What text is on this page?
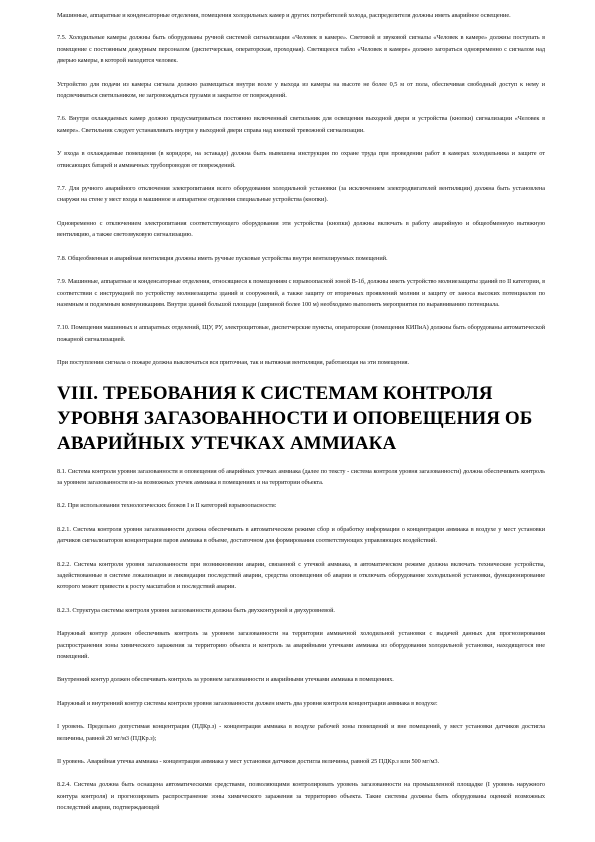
Машинные, аппаратные и конденсаторные отделения, помещения холодильных камер и других потребителей холода, распределителя должны иметь аварийное освещение.

7.5. Холодильные камеры должны быть оборудованы ручной системой сигнализации «Человек в камере». Световой и звуковой сигналы «Человек в камере» должны поступать в помещение с постоянным дежурным персоналом (диспетчерская, операторская, проходная). Светящееся табло «Человек в камере» должно загораться одновременно с сигналом над дверью камеры, в которой находится человек.

Устройство для подачи из камеры сигнала должно размещаться внутри возле у выхода из камеры на высоте не более 0,5 м от пола, обеспечивая свободный доступ к нему и подсвечиваться светильником, не загромождаться грузами и закрытое от повреждений.

7.6. Внутри охлаждаемых камер должно предусматриваться постоянно включенный светильник для освещения выходной двери и устройства (кнопки) сигнализации «Человек в камере». Светильник следует устанавливать внутри у выходной двери справа над кнопкой тревожной сигнализации.

У входа в охлаждаемые помещения (в коридоре, на эстакаде) должна быть вывешена инструкция по охране труда при проведении работ в камерах холодильника и защите от отвисающих батарей и аммиачных трубопроводов от повреждений.

7.7. Для ручного аварийного отключения электропитания всего оборудования холодильной установки (за исключением электродвигателей вентиляции) должна быть установлена снаружи на стене у мест входа в машинное и аппаратное отделения специальные устройства (кнопки).

Одновременно с отключением электропитания соответствующего оборудования эти устройства (кнопки) должны включать в работу аварийную и общеобменную вытяжную вентиляцию, а также светозвуковую сигнализацию.

7.8. Общеобменная и аварийная вентиляция должны иметь ручные пусковые устройства внутри вентилируемых помещений.

7.9. Машинные, аппаратные и конденсаторные отделения, относящиеся к помещениям с взрывоопасной зоной В-1б, должны иметь устройство молниезащиты зданий по II категории, в соответствии с инструкцией по устройству молниезащиты зданий и сооружений, а также защиту от вторичных проявлений молнии и защиту от заноса высоких потенциалов по наземным и подземным коммуникациям. Внутри зданий большой площади (шириной более 100 м) необходимо выполнять мероприятия по выравниванию потенциала.

7.10. Помещения машинных и аппаратных отделений, ЩУ, РУ, электрощитовые, диспетчерские пункты, операторские (помещения КИПиА) должны быть оборудованы автоматической пожарной сигнализацией.

При поступлении сигнала о пожаре должна выключаться вся приточная, так и вытяжная вентиляция, работающая на эти помещения.

VIII. ТРЕБОВАНИЯ К СИСТЕМАМ КОНТРОЛЯ УРОВНЯ ЗАГАЗОВАННОСТИ И ОПОВЕЩЕНИЯ ОБ АВАРИЙНЫХ УТЕЧКАХ АММИАКА

8.1. Система контроля уровня загазованности и оповещения об аварийных утечках аммиака (далее по тексту - система контроля уровня загазованности) должна обеспечивать контроль за уровнем загазованности из-за возможных утечек аммиака в помещениях и на территории объекта.

8.2. При использовании технологических блоков I и II категорий взрывоопасности:

8.2.1. Система контроля уровня загазованности должна обеспечивать в автоматическом режиме сбор и обработку информации о концентрации аммиака в воздухе у мест установки датчиков сигнализаторов концентрации паров аммиака в объеме, достаточном для формирования соответствующих управляющих воздействий.

8.2.2. Система контроля уровня загазованности при возникновении аварии, связанной с утечкой аммиака, в автоматическом режиме должна включать технические устройства, задействованные в системе локализации и ликвидации последствий аварии, средства оповещения об аварии и отключать оборудование холодильной установки, функционирование которого может привести к росту масштабов и последствий аварии.

8.2.3. Структура системы контроля уровня загазованности должна быть двухконтурной и двухуровневой.

Наружный контур должен обеспечивать контроль за уровнем загазованности на территории аммиачной холодильной установки с выдачей данных для прогнозирования распространения зоны химического заражения за территорию объекта и контроль за аварийными утечками аммиака из оборудования холодильной установки, находящегося вне помещений.

Внутренний контур должен обеспечивать контроль за уровнем загазованности и аварийными утечками аммиака в помещениях.

Наружный и внутренний контур системы контроля уровня загазованности должен иметь два уровня контроля концентрации аммиака в воздухе:

I уровень. Предельно допустимая концентрация (ПДКр.з) - концентрация аммиака в воздухе рабочей зоны помещений и вне помещений, у мест установки датчиков достигла величины, равной 20 мг/м3 (ПДКр.з);

II уровень. Аварийная утечка аммиака - концентрация аммиака у мест установки датчиков достигла величины, равной 25 ПДКр.з или 500 мг/м3.

8.2.4. Система должна быть оснащена автоматическими средствами, позволяющими контролировать уровень загазованности на промышленной площадке (I уровень наружного контура контроля) и прогнозировать распространение зоны химического заражения за территорию объекта. Такие системы должны быть оборудованы оценкой возможных последствий аварии, подтверждающей
